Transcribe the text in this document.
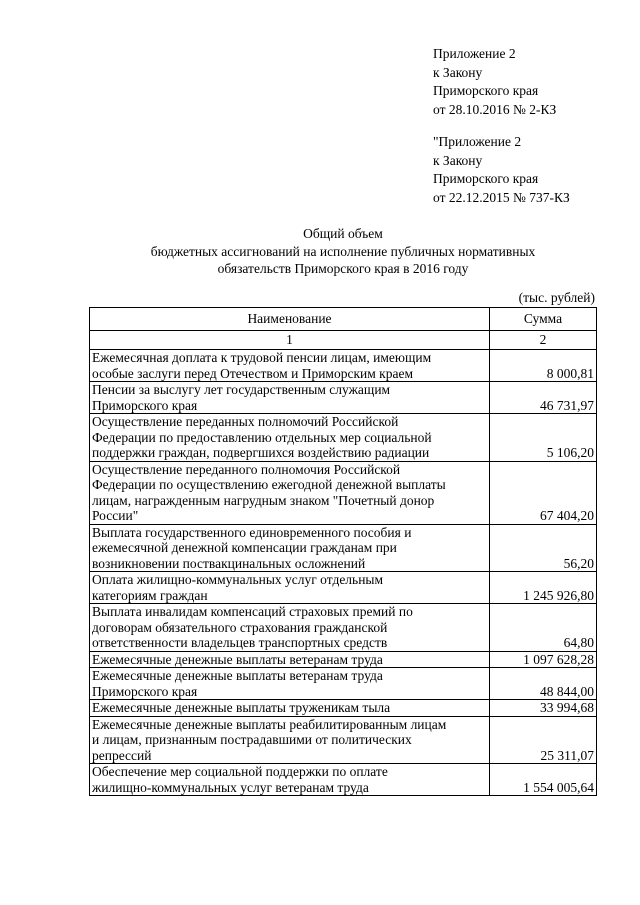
Приложение 2
к Закону
Приморского края
от 28.10.2016 № 2-КЗ
"Приложение 2
к Закону
Приморского края
от 22.12.2015 № 737-КЗ
Общий объем
бюджетных ассигнований на исполнение публичных нормативных
обязательств Приморского края в 2016 году
(тыс. рублей)
Наименование	Сумма
1	2
Ежемесячная доплата к трудовой пенсии лицам, имеющим
особые заслуги перед Отечеством и Приморским краем	8 000,81
Пенсии за выслугу лет государственным служащим
Приморского края	46 731,97
Осуществление переданных полномочий Российской
Федерации по предоставлению отдельных мер социальной
поддержки граждан, подвергшихся воздействию радиации	5 106,20
Осуществление переданного полномочия Российской
Федерации по осуществлению ежегодной денежной выплаты
лицам, награжденным нагрудным знаком "Почетный донор
России"	67 404,20
Выплата государственного единовременного пособия и
ежемесячной денежной компенсации гражданам при
возникновении поствакцинальных осложнений	56,20
Оплата жилищно-коммунальных услуг отдельным
категориям граждан	1 245 926,80
Выплата инвалидам компенсаций страховых премий по
договорам обязательного страхования гражданской
ответственности владельцев транспортных средств	64,80
Ежемесячные денежные выплаты ветеранам труда	1 097 628,28
Ежемесячные денежные выплаты ветеранам труда
Приморского края	48 844,00
Ежемесячные денежные выплаты труженикам тыла	33 994,68
Ежемесячные денежные выплаты реабилитированным лицам
и лицам, признанным пострадавшими от политических
репрессий	25 311,07
Обеспечение мер социальной поддержки по оплате
жилищно-коммунальных услуг ветеранам труда	1 554 005,64
